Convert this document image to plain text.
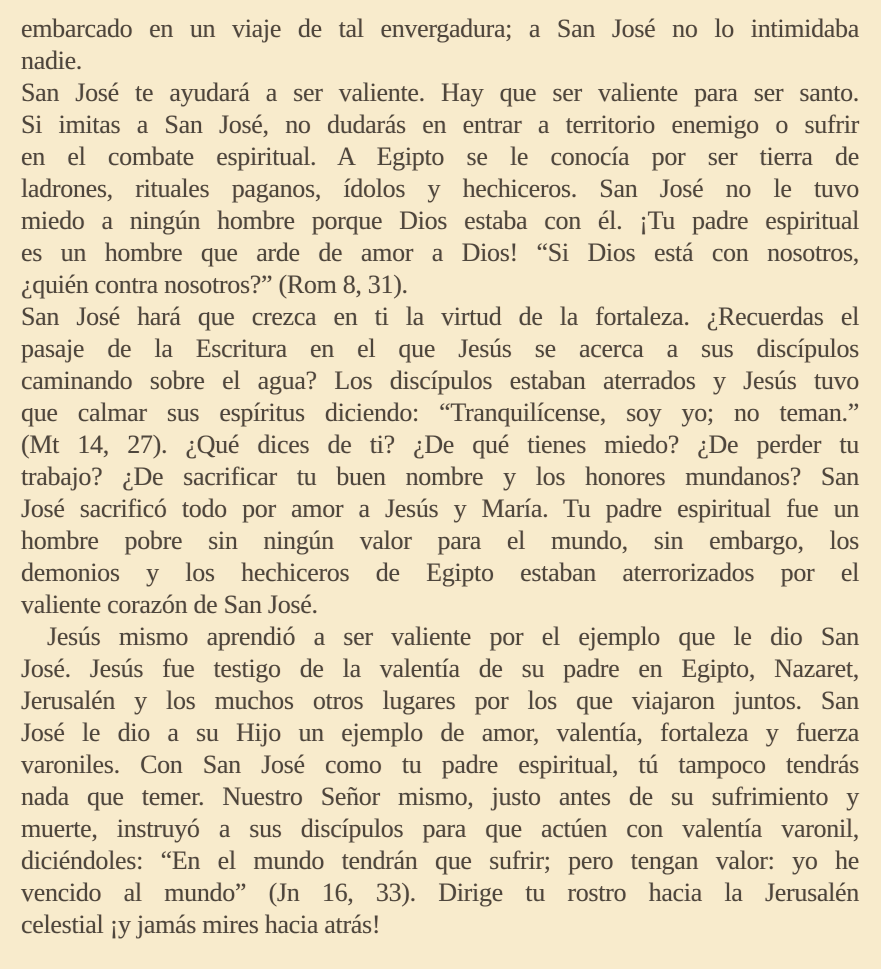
embarcado en un viaje de tal envergadura; a San José no lo intimidaba
nadie.
San José te ayudará a ser valiente. Hay que ser valiente para ser santo.
Si imitas a San José, no dudarás en entrar a territorio enemigo o sufrir
en el combate espiritual. A Egipto se le conocía por ser tierra de
ladrones, rituales paganos, ídolos y hechiceros. San José no le tuvo
miedo a ningún hombre porque Dios estaba con él. ¡Tu padre espiritual
es un hombre que arde de amor a Dios! “Si Dios está con nosotros,
¿quién contra nosotros?” (Rom 8, 31).
San José hará que crezca en ti la virtud de la fortaleza. ¿Recuerdas el
pasaje de la Escritura en el que Jesús se acerca a sus discípulos
caminando sobre el agua? Los discípulos estaban aterrados y Jesús tuvo
que calmar sus espíritus diciendo: “Tranquilícense, soy yo; no teman.”
(Mt 14, 27). ¿Qué dices de ti? ¿De qué tienes miedo? ¿De perder tu
trabajo? ¿De sacrificar tu buen nombre y los honores mundanos? San
José sacrificó todo por amor a Jesús y María. Tu padre espiritual fue un
hombre pobre sin ningún valor para el mundo, sin embargo, los
demonios y los hechiceros de Egipto estaban aterrorizados por el
valiente corazón de San José.
Jesús mismo aprendió a ser valiente por el ejemplo que le dio San
José. Jesús fue testigo de la valentía de su padre en Egipto, Nazaret,
Jerusalén y los muchos otros lugares por los que viajaron juntos. San
José le dio a su Hijo un ejemplo de amor, valentía, fortaleza y fuerza
varoniles. Con San José como tu padre espiritual, tú tampoco tendrás
nada que temer. Nuestro Señor mismo, justo antes de su sufrimiento y
muerte, instruyó a sus discípulos para que actúen con valentía varonil,
diciéndoles: “En el mundo tendrán que sufrir; pero tengan valor: yo he
vencido al mundo” (Jn 16, 33). Dirige tu rostro hacia la Jerusalén
celestial ¡y jamás mires hacia atrás!
